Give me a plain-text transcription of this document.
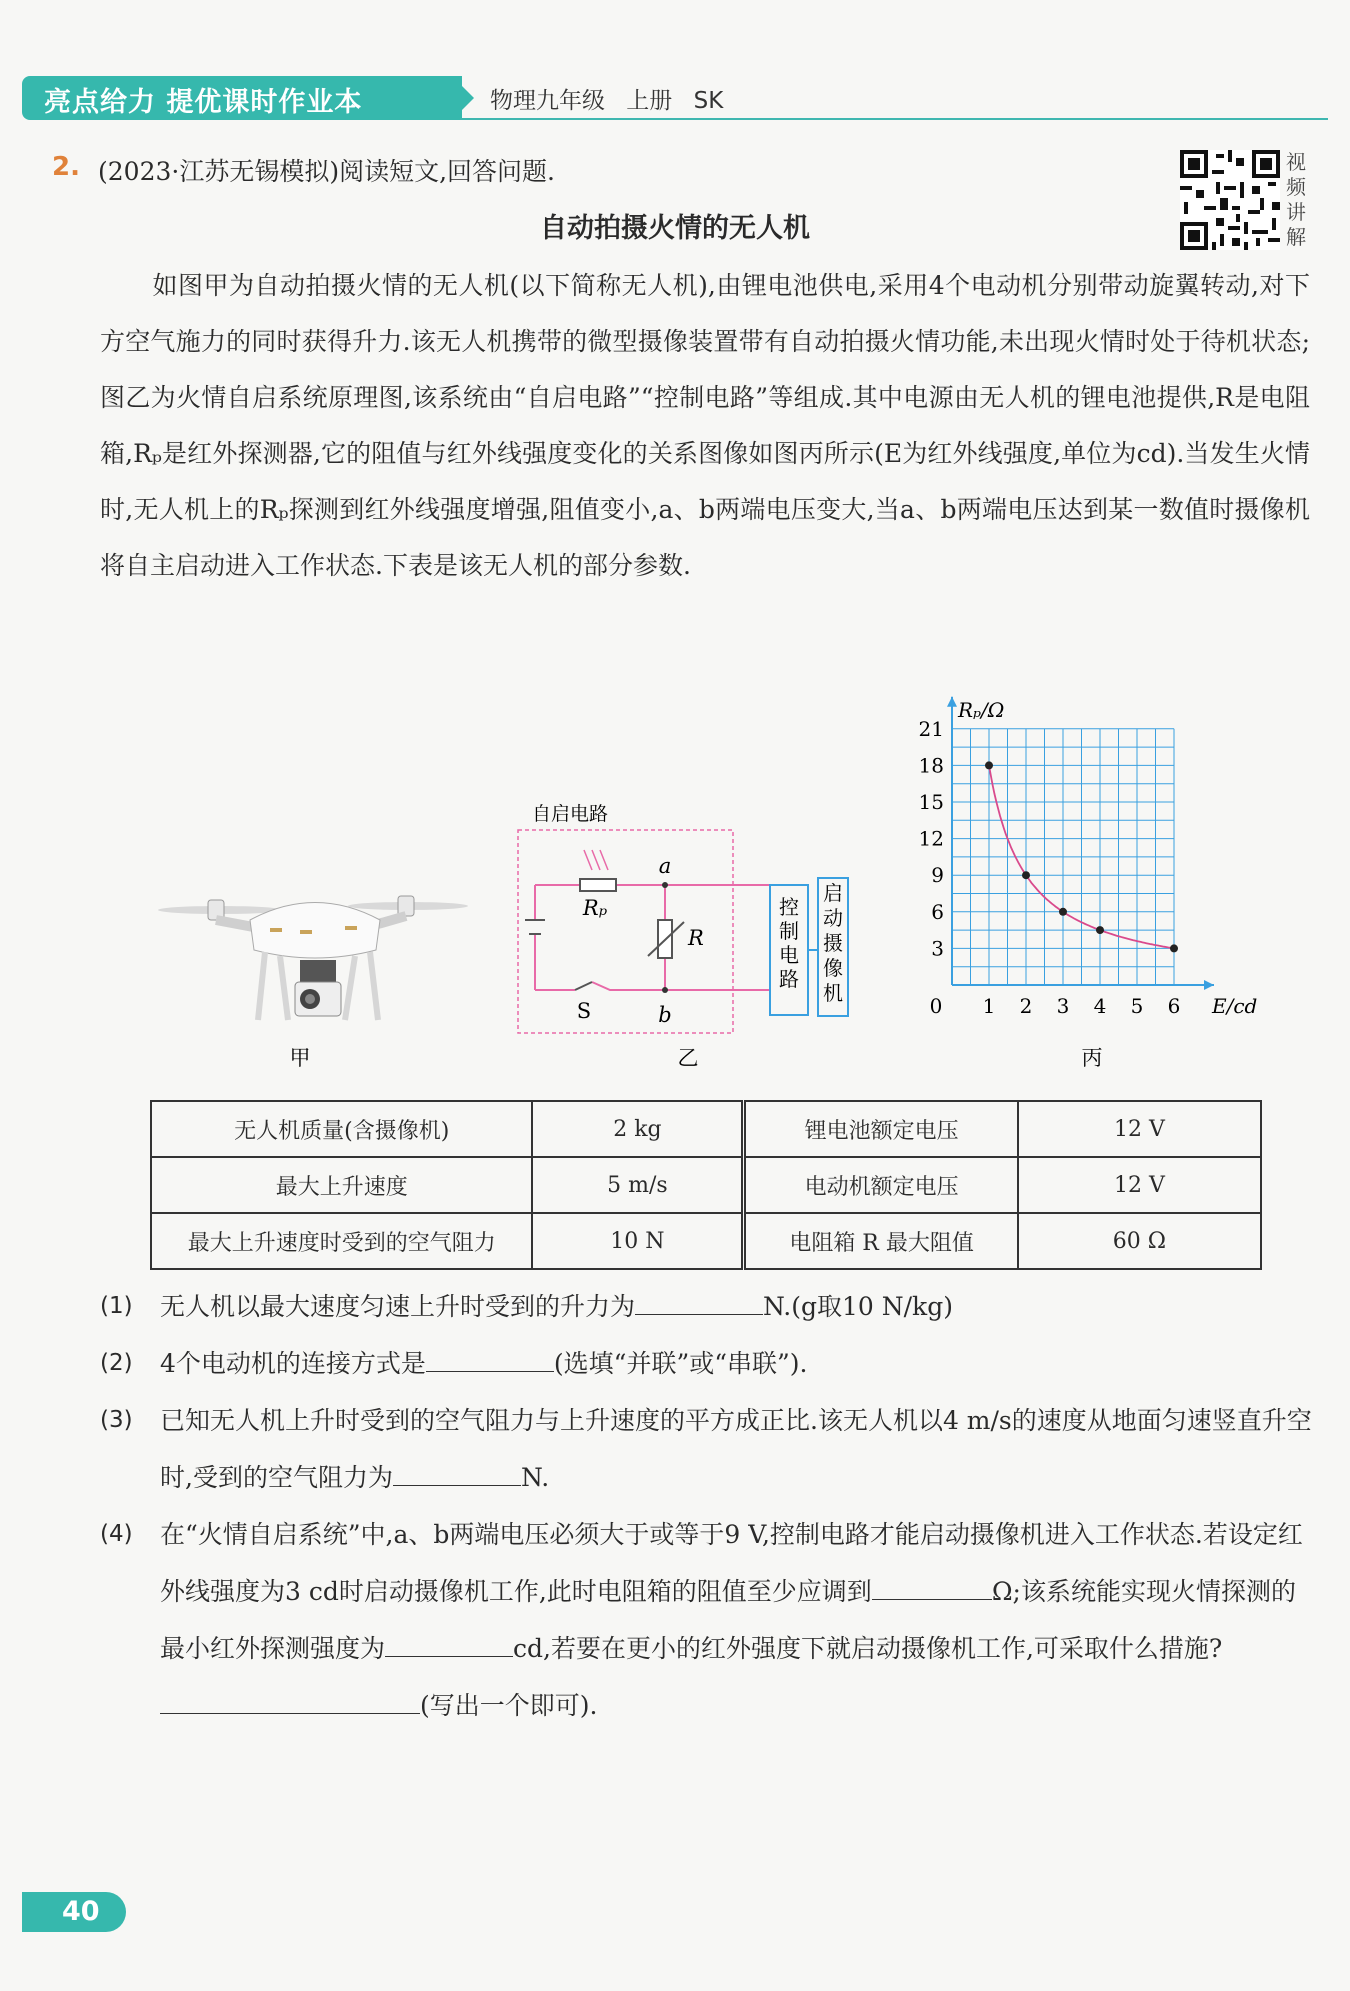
亮点给力 提优课时作业本	物理九年级 上册 SK
2. (2023·江苏无锡模拟)阅读短文,回答问题.
自动拍摄火情的无人机
视频讲解
如图甲为自动拍摄火情的无人机(以下简称无人机),由锂电池供电,采用4个电动机分别带动旋翼转动,对下方空气施力的同时获得升力.该无人机携带的微型摄像装置带有自动拍摄火情功能,未出现火情时处于待机状态;图乙为火情自启系统原理图,该系统由“自启电路”“控制电路”等组成.其中电源由无人机的锂电池提供,R是电阻箱,Rₚ是红外探测器,它的阻值与红外线强度变化的关系图像如图丙所示(E为红外线强度,单位为cd).当发生火情时,无人机上的Rₚ探测到红外线强度增强,阻值变小,a、b两端电压变大,当a、b两端电压达到某一数值时摄像机将自主启动进入工作状态.下表是该无人机的部分参数.
甲
自启电路
Rₚ
R
a
b
S
控
制
电
路
启
动
摄
像
机
乙
0 1 2 3 4 5 6
3
6
9
12
15
18
21
E/cd
Rₚ/Ω
丙
无人机质量(含摄像机)	2 kg	锂电池额定电压	12 V
最大上升速度	5 m/s	电动机额定电压	12 V
最大上升速度时受到的空气阻力	10 N	电阻箱 R 最大阻值	60 Ω
(1)	无人机以最大速度匀速上升时受到的升力为	N.(g取10 N/kg)
(2)	4个电动机的连接方式是	(选填“并联”或“串联”).
(3)	已知无人机上升时受到的空气阻力与上升速度的平方成正比.该无人机以4 m/s的速度从地面匀速竖直升空时,受到的空气阻力为	N.
(4)	在“火情自启系统”中,a、b两端电压必须大于或等于9 V,控制电路才能启动摄像机进入工作状态.若设定红外线强度为3 cd时启动摄像机工作,此时电阻箱的阻值至少应调到	Ω;该系统能实现火情探测的最小红外探测强度为	cd,若要在更小的红外强度下就启动摄像机工作,可采取什么措施?(写出一个即可).
40
